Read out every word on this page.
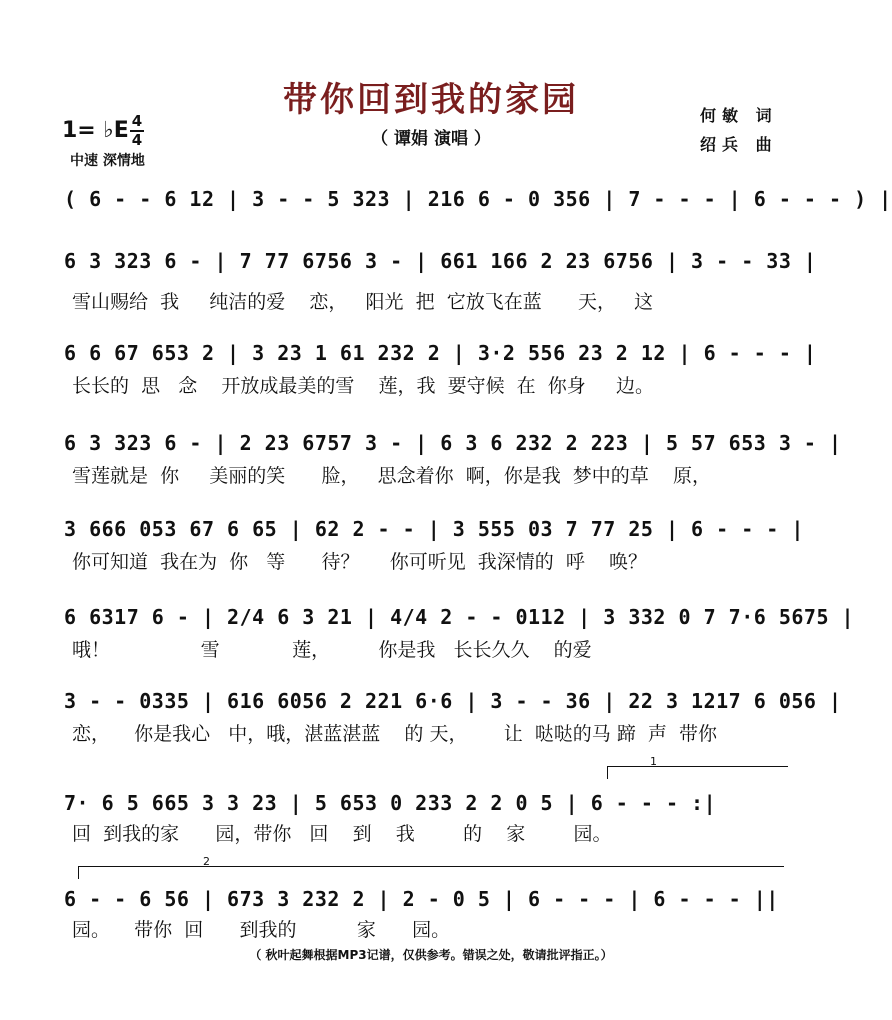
带你回到我的家园
（ 谭娟 演唱 ）
1= ♭E 4
4
中速 深情地
何敏 词
绍兵 曲
( 6 - - 6 12 | 3 - - 5 323 | 216 6 - 0 356 | 7 - - - | 6 - - - ) |
6 3 323 6 - | 7 77 6756 3 - | 661 166 2 23 6756 | 3 - - 33 |
雪山赐给  我     纯洁的爱    恋，   阳光  把  它放飞在蓝      天，   这
6 6 67 653 2 | 3 23 1 61 232 2 | 3·2 556 23 2 12 | 6 - - - |
长长的  思   念    开放成最美的雪    莲，我  要守候  在  你身     边。
6 3 323 6 - | 2 23 6757 3 - | 6 3 6 232 2 223 | 5 57 653 3 - |
雪莲就是  你     美丽的笑      脸，   思念着你  啊，你是我  梦中的草    原，
3 666 053 67 6 65 | 62 2 - - | 3 555 03 7 77 25 | 6 - - - |
你可知道  我在为  你   等      待？     你可听见  我深情的  呼    唤？
6 6317 6 - | 2/4 6 3 21 | 4/4 2 - - 0112 | 3 332 0 7 7·6 5675 |
哦！               雪            莲，        你是我   长长久久    的爱
3 - - 0335 | 616 6056 2 221 6·6 | 3 - - 36 | 22 3 1217 6 056 |
恋，    你是我心   中，哦，湛蓝湛蓝    的 天，      让  哒哒的马 蹄  声  带你
1
7· 6 5 665 3 3 23 | 5 653 0 233 2 2 0 5 | 6 - - - :|
回  到我的家      园，带你   回    到    我        的    家        园。
2
6 - - 6 56 | 673 3 232 2 | 2 - 0 5 | 6 - - - | 6 - - - ||
园。    带你  回      到我的          家      园。
（ 秋叶起舞根据MP3记谱，仅供参考。错误之处，敬请批评指正。）
